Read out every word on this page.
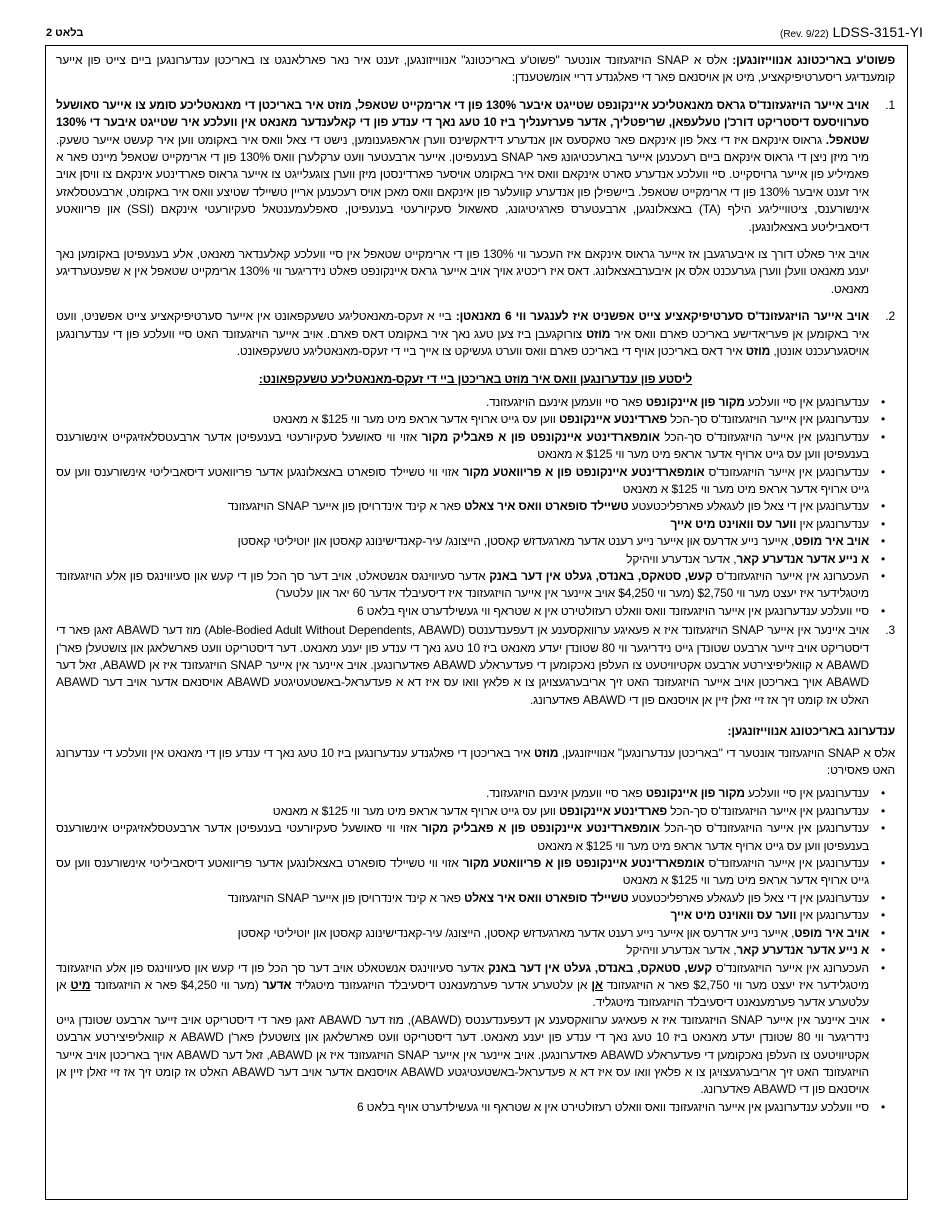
(Rev. 9/22) LDSS-3151-YI
בלאט 2

פשוט'ע באריכטונג אנווייזונגען: אלס א SNAP הויזגעזונד אונטער "פשוט'ע באריכטונג" אנווייזונגען, זענט איר נאר פארלאנגט צו באריכטן ענדערונגען ביים צייט פון אייער קומענדיגע ריסערטיפיקאציע, מיט אן אויסנאם פאר די פאלגנדע דריי אומשטענדן:

1.

אויב אייער הויזגעזונד'ס גראס מאנאטליכע איינקונפט שטייגט איבער 130% פון די ארימקייט שטאפל, מוזט איר באריכטן די מאנאטליכע סומע צו אייער סאושעל סערוויסעס דיסטריקט דורכ'ן טעלעפאן, שריפטליך, אדער פערזענליך ביז 10 טעג נאך די ענדע פון די קאלענדער מאנאט אין וועלכע איר שטייגט איבער די 130% שטאפל. גראוס אינקאם איז די צאל פון אינקאם פאר טאקסעס און אנדערע דידאקשינס ווערן אראפגענומען, נישט די צאל וואס איר באקומט ווען איר קעשט אייער טשעק. מיר מיזן ניצן די גראוס אינקאם ביים רעכענען אייער בארעכטיגונג פאר SNAP בענעפיטן. אייער ארבעטער וועט ערקלערן וואס 130% פון די ארימקייט שטאפל מיינט פאר א פאמיליע פון אייער גרויסקייט. סיי וועלכע אנדערע סארט אינקאם וואס איר באקומט אויסער פארדינסטן מיזן ווערן צוגעלייגט צו אייער גראוס פארדינטע אינקאם צו וויסן אויב איר זענט איבער 130% פון די ארימקייט שטאפל. ביישפילן פון אנדערע קוועלער פון אינקאם וואס מאכן אויס רעכענען אריין טשיילד שטיצע וואס איר באקומט, ארבעטסלאזע אינשורענס, ציטווייליגע הילף (TA) באצאלונגען, ארבעטערס פארגיטיגונג, סאשאול סעקיורעטי בענעפיטן, סאפלעמענטאל סעקיורעטי אינקאם (SSI) און פריוואטע דיסאביליטע באצאלונגען.

אויב איר פאלט דורך צו איבערגעבן אז אייער גראוס אינקאם איז העכער ווי 130% פון די ארימקייט שטאפל אין סיי וועלכע קאלענדאר מאנאט, אלע בענעפיטן באקומען נאך יענע מאנאט וועלן ווערן גערעכנט אלס אן איבערבאצאלונג. דאס איז ריכטיג אויך אויב אייער גראס איינקונפט פאלט נידריגער ווי 130% ארימקייט שטאפל אין א שפעטערדיגע מאנאט.

2.

אויב אייער הויזגעזונד'ס סערטיפיקאציע צייט אפשניט איז לענגער ווי 6 מאנאטן: ביי א זעקס-מאנאטליגע טשעקפאונט אין אייער סערטיפיקאציע צייט אפשניט, וועט איר באקומען אן פעריאדישע באריכט פארם וואס איר מוזט צורוקגעבן ביז צען טעג נאך איר באקומט דאס פארם. אויב אייער הויזגעזונד האט סיי וועלכע פון די ענדערונגען אויסגערעכנט אונטן, מוזט איר דאס באריכטן אויף די באריכט פארם וואס ווערט געשיקט צו אייך ביי די זעקס-מאנאטליגע טשעקפאונט.

ליסטע פון ענדערונגען וואס איר מוזט באריכטן ביי די זעקס-מאנאטליכע טשעקפאונט:

• ענדערונגען אין סיי וועלכע מקור פון איינקונפט פאר סיי וועמען אינעם הויזגעזונד.
• ענדערונגען אין אייער הויזגעזונד'ס סך-הכל פארדינטע איינקונפט ווען עס גייט ארויף אדער אראפ מיט מער ווי $125 א מאנאט
• ענדערונגען אין אייער הויזגעזונד'ס סך-הכל אומפארדינטע איינקונפט פון א פאבליק מקור אזוי ווי סאושעל סעקיורעטי בענעפיטן אדער ארבעטסלאזיגקייט אינשורענס בענעפיטן ווען עס גייט ארויף אדער אראפ מיט מער ווי $125 א מאנאט
• ענדערונגען אין אייער הויזגעזונד'ס אומפארדינטע איינקונפט פון א פריוואטע מקור אזוי ווי טשיילד סופארט באצאלונגען אדער פריוואטע דיסאביליטי אינשורענס ווען עס גייט ארויף אדער אראפ מיט מער ווי $125 א מאנאט
• ענדערונגען אין די צאל פון לעגאלע פארפליכטעטע טשיילד סופארט וואס איר צאלט פאר א קינד אינדרויסן פון אייער SNAP הויזגעזונד
• ענדערונגען אין ווער עס וואוינט מיט אייך
• אויב איר מופט, אייער נייע אדרעס און אייער נייע רענט אדער מארגעדזש קאסטן, הייצונג/ עיר-קאנדישינונג קאסטן און יוטיליטי קאסטן
• א נייע אדער אנדערע קאר, אדער אנדערע וויהיקל
• העכערונג אין אייער הויזגעזונד'ס קעש, סטאקס, באנדס, געלט אין דער באנק אדער סעיווינגס אנשטאלט, אויב דער סך הכל פון די קעש און סעיווינגס פון אלע הויזגעזונד מיטגלידער איז יעצט מער ווי $2,750 (מער ווי $4,250 אויב איינער אין אייער הויזגעזונד איז דיסעיבלד אדער 60 יאר און עלטער)
• סיי וועלכע ענדערונגען אין אייער הויזגעזונד וואס וואלט רעזולטירט אין א שטראף ווי געשילדערט אויף בלאט 6
3.

אויב איינער אין אייער SNAP הויזגעזונד איז א פעאיגע ערוואקסענע אן דעפענדענטס (Able-Bodied Adult Without Dependents, ABAWD) מוז דער ABAWD זאגן פאר די דיסטריקט אויב זייער ארבעט שטונדן גייט נידריגער ווי 80 שטונדן יעדע מאנאט ביז 10 טעג נאך די ענדע פון יענע מאנאט. דער דיסטריקט וועט פארשלאגן און צושטעלן פאר'ן ABAWD א קוואליפיצירטע ארבעט אקטיוויטעט צו העלפן נאכקומען די פעדעראלע ABAWD פאדערונגען. אויב איינער אין אייער SNAP הויזגעזונד איז אן ABAWD, זאל דער ABAWD אויך באריכטן אויב אייער הויזגעזונד האט זיך אריבערגעצויגן צו א פלאץ וואו עס איז דא א פעדעראל-באשטעטיגטע ABAWD אויסנאם אדער אויב דער ABAWD האלט אז קומט זיך אז זיי זאלן זיין אן אויסנאם פון די ABAWD פאדערונג.

ענדערונג באריכטונג אנווייזונגען:

אלס א SNAP הויזגעזונד אונטער די "באריכטן ענדערונגען" אנווייזונגען, מוזט איר באריכטן די פאלגנדע ענדערונגען ביז 10 טעג נאך די ענדע פון די מאנאט אין וועלכע די ענדערונג האט פאסירט:

• ענדערונגען אין סיי וועלכע מקור פון איינקונפט פאר סיי וועמען אינעם הויזגעזונד.
• ענדערונגען אין אייער הויזגעזונד'ס סך-הכל פארדינטע איינקונפט ווען עס גייט ארויף אדער אראפ מיט מער ווי $125 א מאנאט
• ענדערונגען אין אייער הויזגעזונד'ס סך-הכל אומפארדינטע איינקונפט פון א פאבליק מקור אזוי ווי סאושעל סעקיורעטי בענעפיטן אדער ארבעטסלאזיגקייט אינשורענס בענעפיטן ווען עס גייט ארויף אדער אראפ מיט מער ווי $125 א מאנאט
• ענדערונגען אין אייער הויזגעזונד'ס אומפארדינטע איינקונפט פון א פריוואטע מקור אזוי ווי טשיילד סופארט באצאלונגען אדער פריוואטע דיסאביליטי אינשורענס ווען עס גייט ארויף אדער אראפ מיט מער ווי $125 א מאנאט
• ענדערונגען אין די צאל פון לעגאלע פארפליכטעטע טשיילד סופארט וואס איר צאלט פאר א קינד אינדרויסן פון אייער SNAP הויזגעזונד
• ענדערונגען אין ווער עס וואוינט מיט אייך
• אויב איר מופט, אייער נייע אדרעס און אייער נייע רענט אדער מארגעדזש קאסטן, הייצונג/ עיר-קאנדישינונג קאסטן און יוטיליטי קאסטן
• א נייע אדער אנדערע קאר, אדער אנדערע וויהיקל
• העכערונג אין אייער הויזגעזונד'ס קעש, סטאקס, באנדס, געלט אין דער באנק אדער סעיווינגס אנשטאלט אויב דער סך הכל פון די קעש און סעיווינגס פון אלע הויזגעזונד מיטגלידער איז יעצט מער ווי $2,750 פאר א הויזגעזונד אן אן עלטערע אדער פערמענאנט דיסעיבלד הויזגעזונד מיטגליד אדער (מער ווי $4,250 פאר א הויזגעזונד מיט אן עלטערע אדער פערמענאנט דיסעיבלד הויזגעזונד מיטגליד.
• אויב איינער אין אייער SNAP הויזגעזונד איז א פעאיגע ערוואקסענע אן דעפענדענטס (ABAWD), מוז דער ABAWD זאגן פאר די דיסטריקט אויב זייער ארבעט שטונדן גייט נידריגער ווי 80 שטונדן יעדע מאנאט ביז 10 טעג נאך די ענדע פון יענע מאנאט. דער דיסטריקט וועט פארשלאגן און צושטעלן פאר'ן ABAWD א קוואליפיצירטע ארבעט אקטיוויטעט צו העלפן נאכקומען די פעדעראלע ABAWD פאדערונגען. אויב איינער אין אייער SNAP הויזגעזונד איז אן ABAWD, זאל דער ABAWD אויך באריכטן אויב אייער הויזגעזונד האט זיך אריבערגעצויגן צו א פלאץ וואו עס איז דא א פעדעראל-באשטעטיגטע ABAWD אויסנאם אדער אויב דער ABAWD האלט אז קומט זיך אז זיי זאלן זיין אן אויסנאם פון די ABAWD פאדערונג.
• סיי וועלכע ענדערונגען אין אייער הויזגעזונד וואס וואלט רעזולטירט אין א שטראף ווי געשילדערט אויף בלאט 6
